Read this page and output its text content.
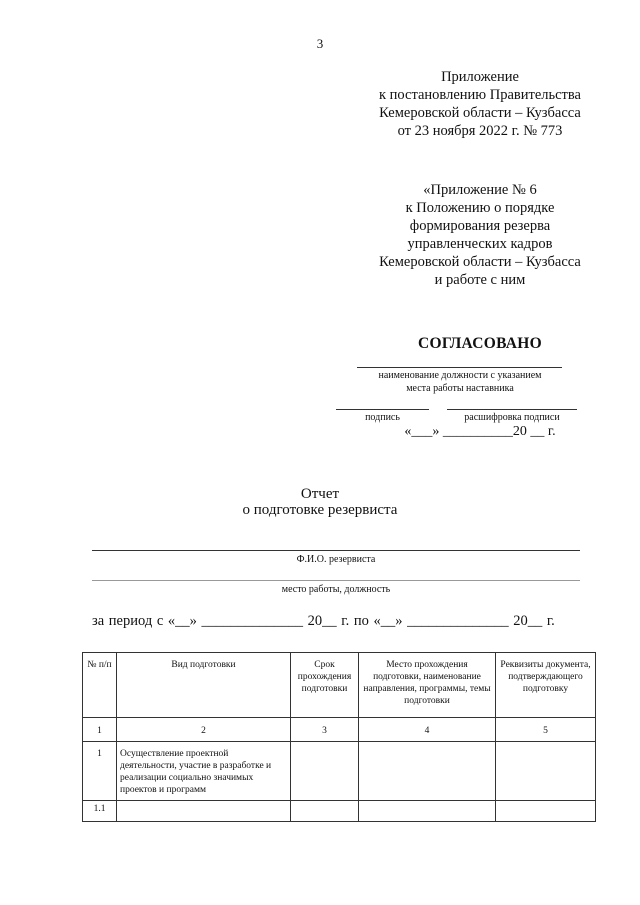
3
Приложение
к постановлению Правительства
Кемеровской области – Кузбасса
от 23 ноября 2022 г. № 773
«Приложение № 6
к Положению о порядке
формирования резерва
управленческих кадров
Кемеровской области – Кузбасса
и работе с ним
СОГЛАСОВАНО
наименование должности с указанием
места работы наставника
подпись	расшифровка подписи
«___» __________20 __ г.
Отчет
о подготовке резервиста
Ф.И.О. резервиста
место работы, должность
за период с «__» ______________ 20__ г. по «__» ______________ 20__ г.
№ п/п	Вид подготовки	Срок прохождения подготовки	Место прохождения подготовки, наименование направления, программы, темы подготовки	Реквизиты документа, подтверждающего подготовку
1	2	3	4	5
1	Осуществление проектной деятельности, участие в разработке и реализации социально значимых проектов и программ			
1.1				
